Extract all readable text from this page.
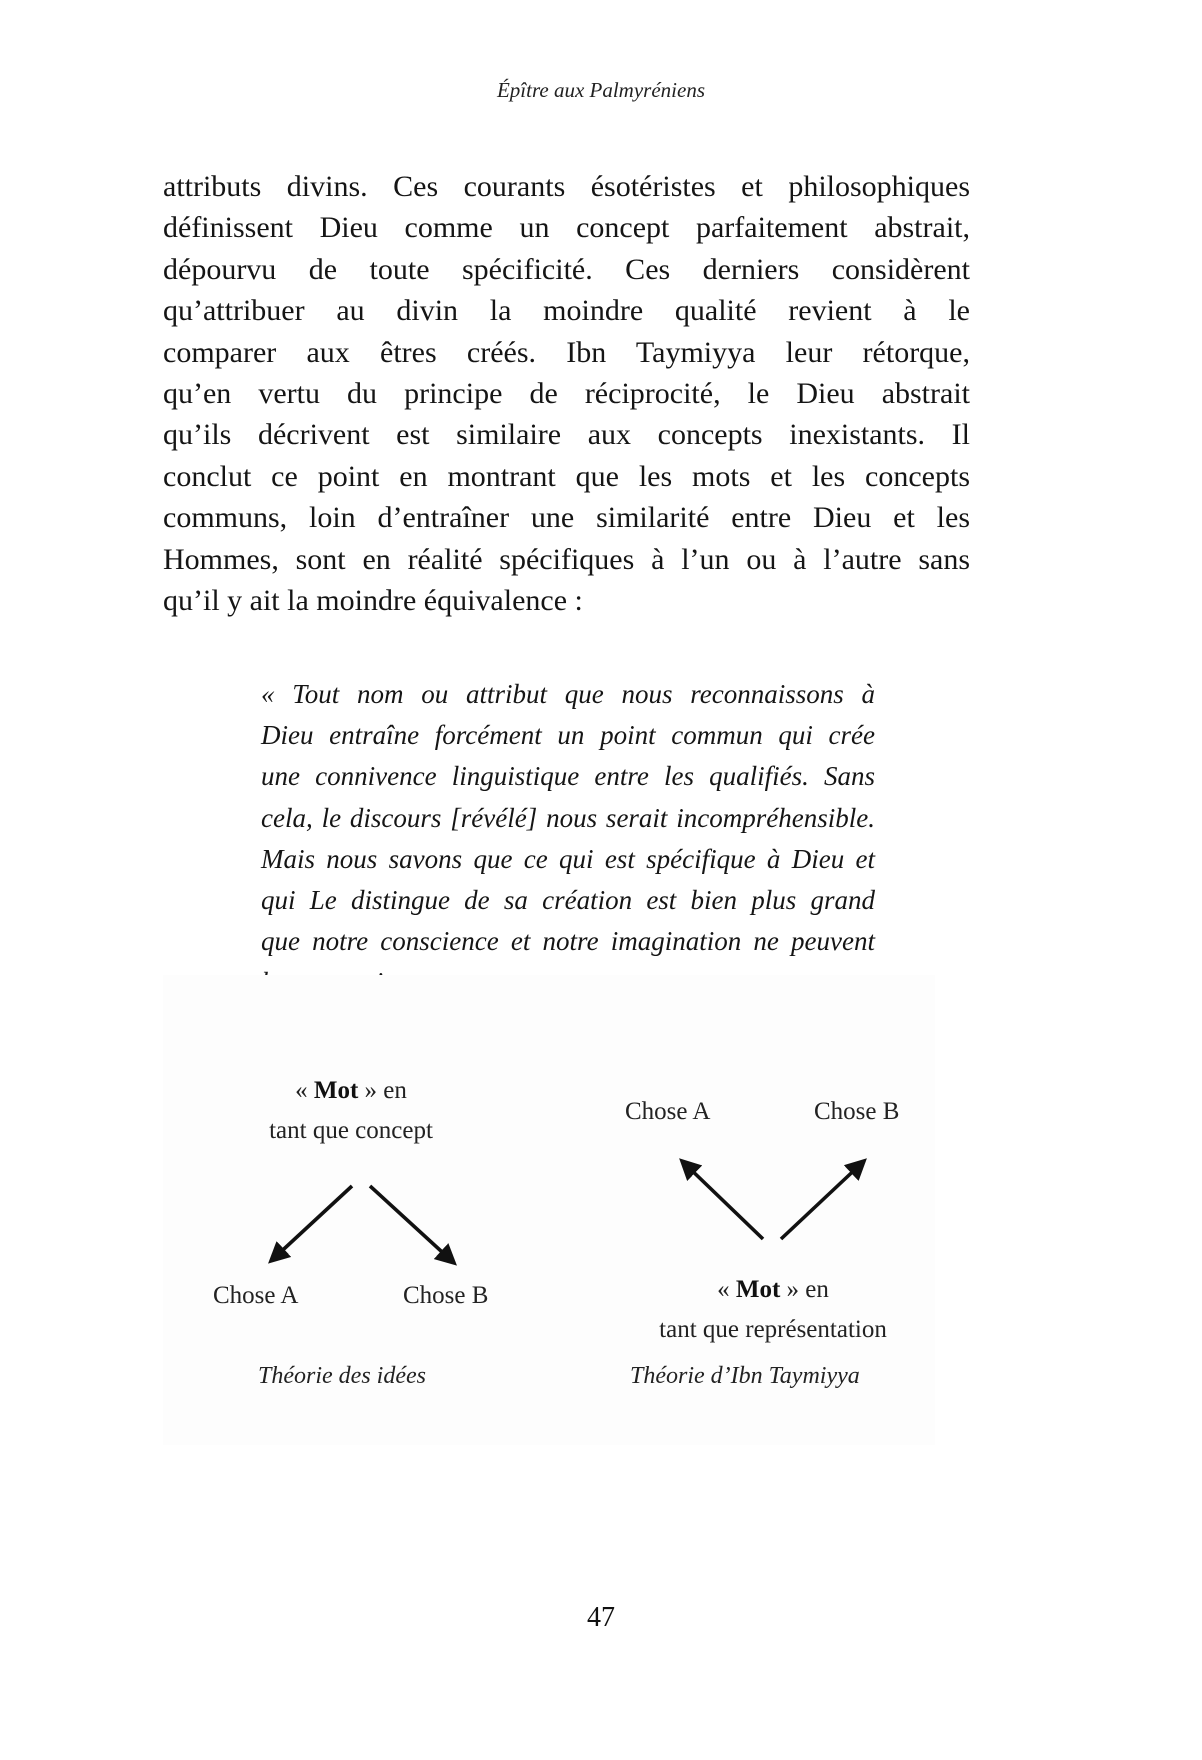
Épître aux Palmyréniens

attributs divins. Ces courants ésotéristes et philosophiques
définissent Dieu comme un concept parfaitement abstrait,
dépourvu de toute spécificité. Ces derniers considèrent
qu’attribuer au divin la moindre qualité revient à le
comparer aux êtres créés. Ibn Taymiyya leur rétorque,
qu’en vertu du principe de réciprocité, le Dieu abstrait
qu’ils décrivent est similaire aux concepts inexistants. Il
conclut ce point en montrant que les mots et les concepts
communs, loin d’entraîner une similarité entre Dieu et les
Hommes, sont en réalité spécifiques à l’un ou à l’autre sans
qu’il y ait la moindre équivalence :

« Tout nom ou attribut que nous reconnaissons à
Dieu entraîne forcément un point commun qui crée
une connivence linguistique entre les qualifiés. Sans
cela, le discours [révélé] nous serait incompréhensible.
Mais nous savons que ce qui est spécifique à Dieu et
qui Le distingue de sa création est bien plus grand
que notre conscience et notre imagination ne peuvent

« Mot » en
tant que concept
Chose A	Chose B
Théorie des idées
Chose A	Chose B
« Mot » en
tant que représentation
Théorie d’Ibn Taymiyya
47
